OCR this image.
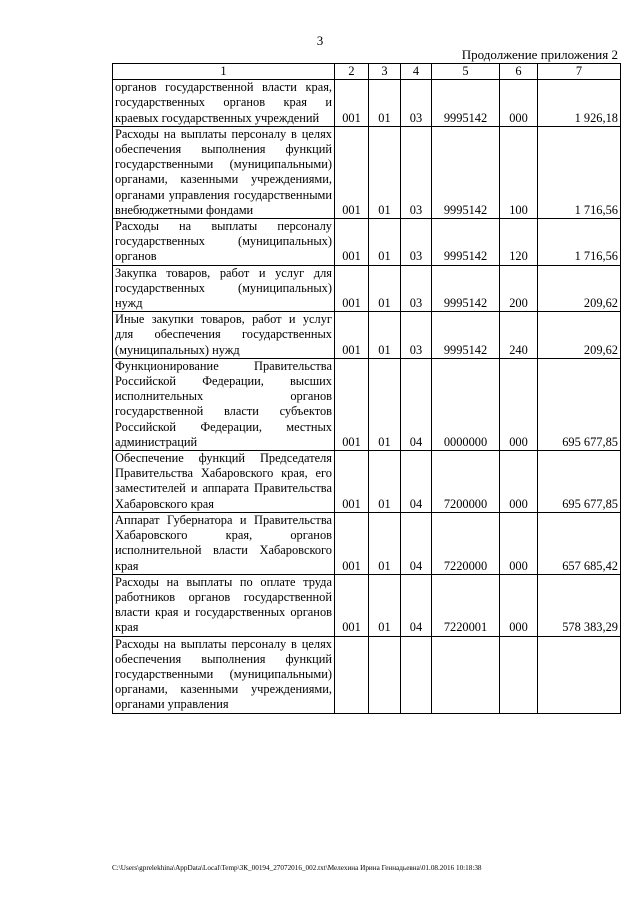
3
Продолжение приложения 2
1	2	3	4	5	6	7
органов государственной власти края, государственных органов края и краевых государственных учреждений	001	01	03	9995142	000	1 926,18
Расходы на выплаты персоналу в целях обеспечения выполнения функций государственными (муниципальными) органами, казенными учреждениями, органами управления государственными внебюджетными фондами	001	01	03	9995142	100	1 716,56
Расходы на выплаты персоналу государственных (муниципальных) органов	001	01	03	9995142	120	1 716,56
Закупка товаров, работ и услуг для государственных (муниципальных) нужд	001	01	03	9995142	200	209,62
Иные закупки товаров, работ и услуг для обеспечения государственных (муниципальных) нужд	001	01	03	9995142	240	209,62
Функционирование Правительства Российской Федерации, высших исполнительных органов государственной власти субъектов Российской Федерации, местных администраций	001	01	04	0000000	000	695 677,85
Обеспечение функций Председателя Правительства Хабаровского края, его заместителей и аппарата Правительства Хабаровского края	001	01	04	7200000	000	695 677,85
Аппарат Губернатора и Правительства Хабаровского края, органов исполнительной власти Хабаровского края	001	01	04	7220000	000	657 685,42
Расходы на выплаты по оплате труда работников органов государственной власти края и государственных органов края	001	01	04	7220001	000	578 383,29
Расходы на выплаты персоналу в целях обеспечения выполнения функций государственными (муниципальными) органами, казенными учреждениями, органами управления						
C:\Users\gprelekhina\AppData\Local\Temp\ЗК_00194_27072016_002.txt\Мелехина Ирина Геннадьевна\01.08.2016 10:18:38
